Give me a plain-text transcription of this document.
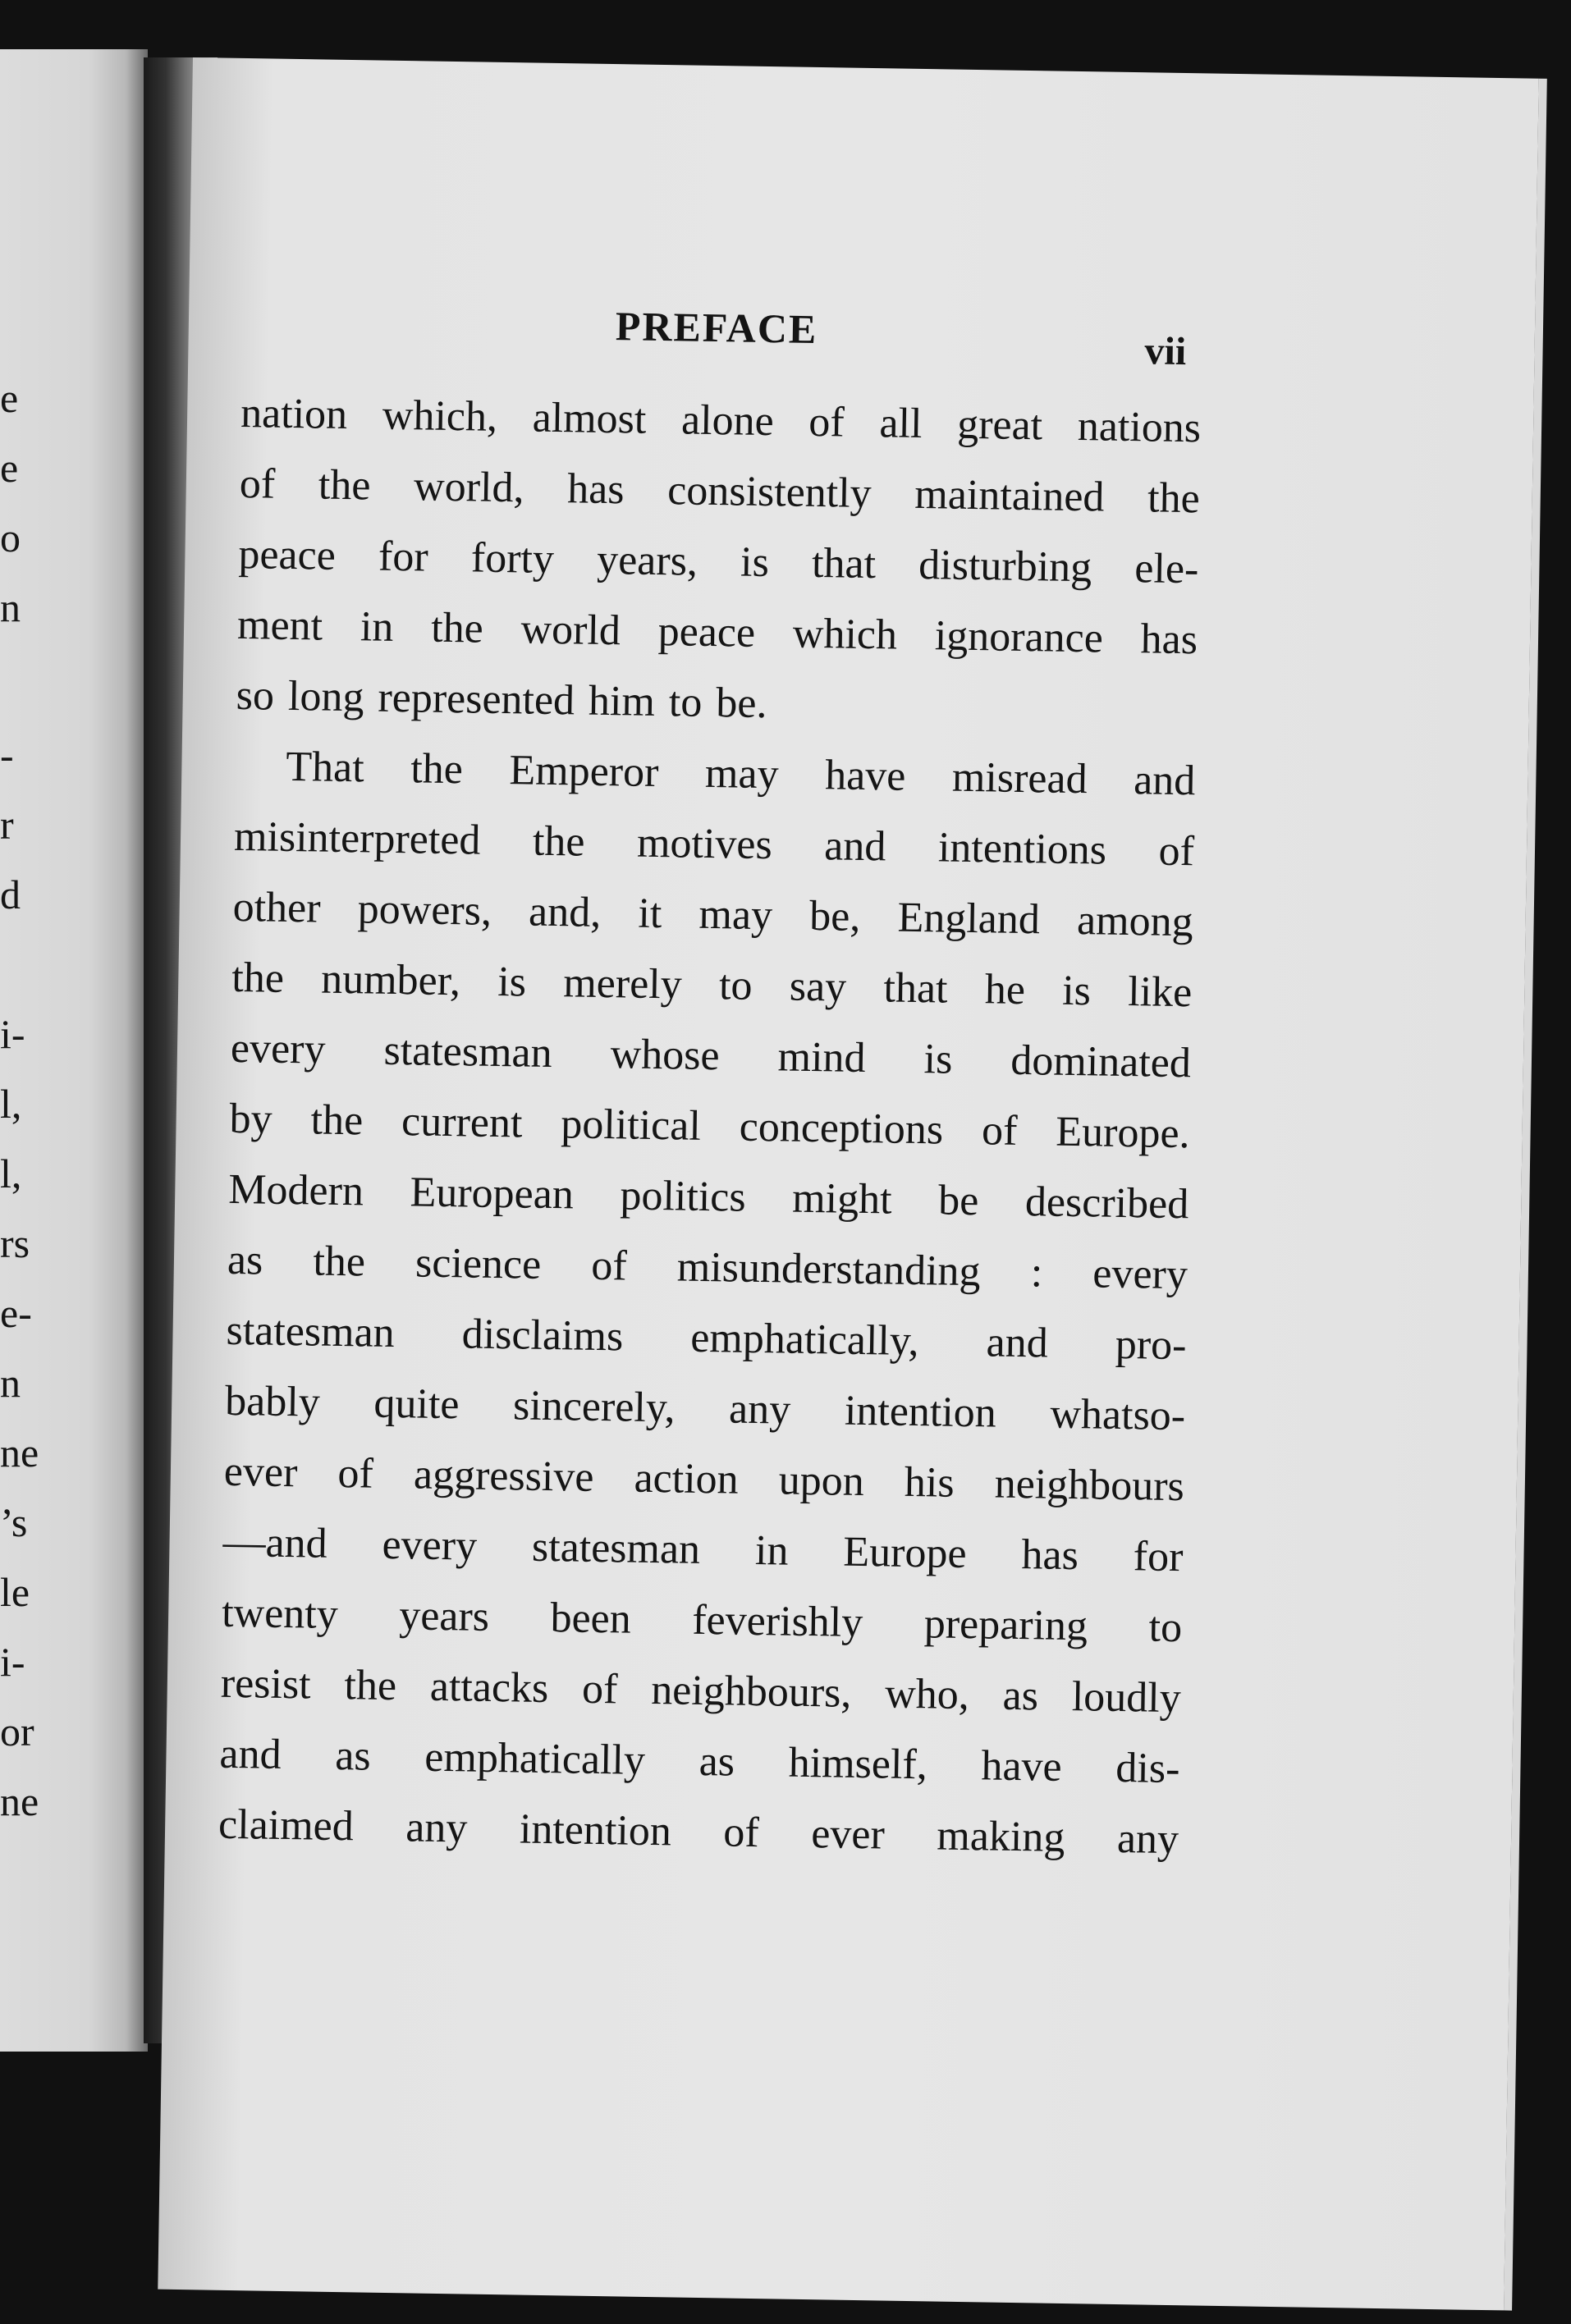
e
e
o
n
-
r
d
i-
l,
l,
rs
e-
n
ne
’s
le
i-
or
ne
PREFACE	vii
nation which, almost alone of all great nations
of the world, has consistently maintained the
peace for forty years, is that disturbing ele-
ment in the world peace which ignorance has
so long represented him to be.
That the Emperor may have misread and
misinterpreted the motives and intentions of
other powers, and, it may be, England among
the number, is merely to say that he is like
every statesman whose mind is dominated
by the current political conceptions of Europe.
Modern European politics might be described
as the science of misunderstanding : every
statesman disclaims emphatically, and pro-
bably quite sincerely, any intention whatso-
ever of aggressive action upon his neighbours
—and every statesman in Europe has for
twenty years been feverishly preparing to
resist the attacks of neighbours, who, as loudly
and as emphatically as himself, have dis-
claimed any intention of ever making any
